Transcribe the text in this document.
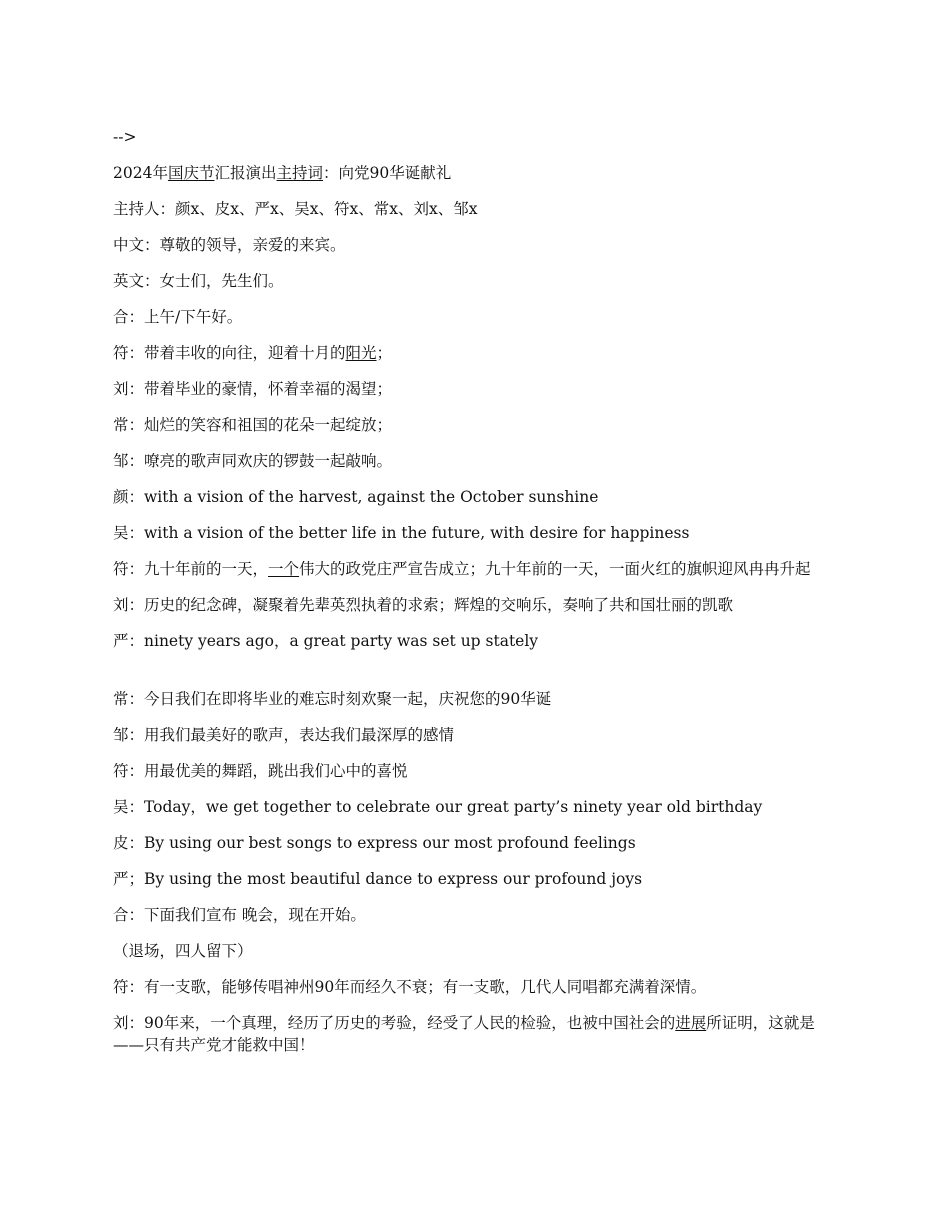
-->

2024年国庆节汇报演出主持词：向党90华诞献礼

主持人：颜x、皮x、严x、吴x、符x、常x、刘x、邹x

中文：尊敬的领导，亲爱的来宾。

英文：女士们，先生们。

合：上午/下午好。

符：带着丰收的向往，迎着十月的阳光；

刘：带着毕业的豪情，怀着幸福的渴望；

常：灿烂的笑容和祖国的花朵一起绽放；

邹：嘹亮的歌声同欢庆的锣鼓一起敲响。

颜：with a vision of the harvest, against the October sunshine

吴：with a vision of the better life in the future, with desire for happiness

符：九十年前的一天，一个伟大的政党庄严宣告成立；九十年前的一天，一面火红的旗帜迎风冉冉升起

刘：历史的纪念碑，凝聚着先辈英烈执着的求索；辉煌的交响乐，奏响了共和国壮丽的凯歌

严：ninety years ago，a great party was set up stately

常：今日我们在即将毕业的难忘时刻欢聚一起，庆祝您的90华诞

邹：用我们最美好的歌声，表达我们最深厚的感情

符：用最优美的舞蹈，跳出我们心中的喜悦

吴：Today，we get together to celebrate our great party’s ninety year old birthday

皮：By using our best songs to express our most profound feelings

严；By using the most beautiful dance to express our profound joys

合：下面我们宣布 晚会，现在开始。

（退场，四人留下）

符：有一支歌，能够传唱神州90年而经久不衰；有一支歌，几代人同唱都充满着深情。

刘：90年来，一个真理，经历了历史的考验，经受了人民的检验，也被中国社会的进展所证明，这就是——只有共产党才能救中国！
